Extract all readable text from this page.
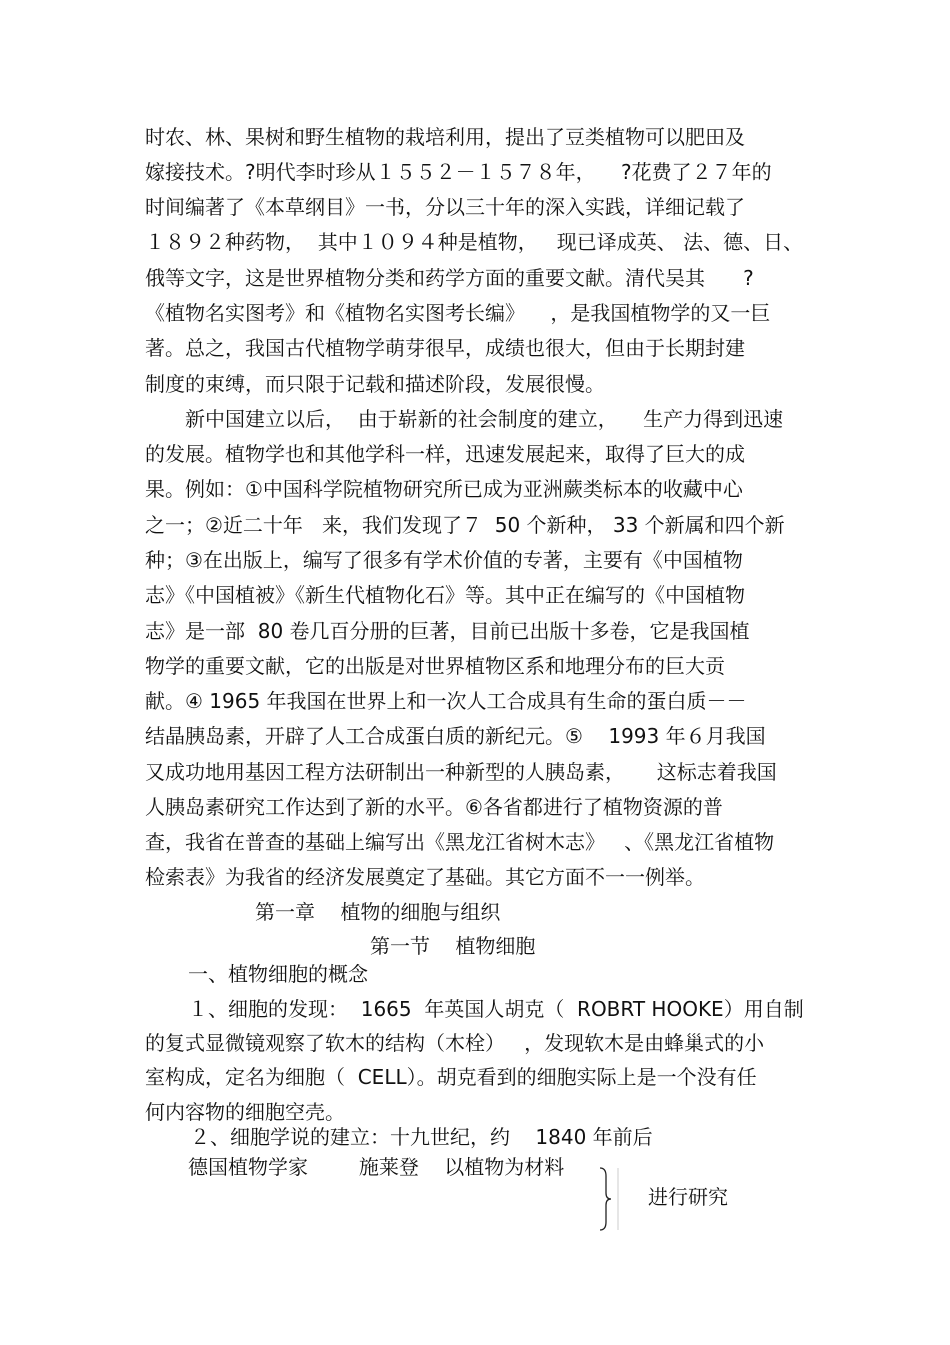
时农、林、果树和野生植物的栽培利用，提出了豆类植物可以肥田及
嫁接技术。?明代李时珍从１５５２－１５７８年，    ?花费了２７年的
时间编著了《本草纲目》一书，分以三十年的深入实践，详细记载了
１８９２种药物，  其中１０９４种是植物，   现已译成英、 法、德、日、
俄等文字，这是世界植物分类和药学方面的重要文献。清代吴其      ?
《植物名实图考》和《植物名实图考长编》    ，是我国植物学的又一巨
著。总之，我国古代植物学萌芽很早，成绩也很大，但由于长期封建
制度的束缚，而只限于记载和描述阶段，发展很慢。
新中国建立以后，  由于崭新的社会制度的建立，    生产力得到迅速
的发展。植物学也和其他学科一样，迅速发展起来，取得了巨大的成
果。例如：①中国科学院植物研究所已成为亚洲蕨类标本的收藏中心
之一；②近二十年   来，我们发现了７  50 个新种， 33 个新属和四个新
种；③在出版上，编写了很多有学术价值的专著，主要有《中国植物
志》《中国植被》《新生代植物化石》等。其中正在编写的《中国植物
志》是一部  80 卷几百分册的巨著，目前已出版十多卷，它是我国植
物学的重要文献，它的出版是对世界植物区系和地理分布的巨大贡
献。④ 1965 年我国在世界上和一次人工合成具有生命的蛋白质－－
结晶胰岛素，开辟了人工合成蛋白质的新纪元。⑤    1993 年６月我国
又成功地用基因工程方法研制出一种新型的人胰岛素，     这标志着我国
人胰岛素研究工作达到了新的水平。⑥各省都进行了植物资源的普
查，我省在普查的基础上编写出《黑龙江省树木志》   、《黑龙江省植物
检索表》为我省的经济发展奠定了基础。其它方面不一一例举。
第一章    植物的细胞与组织
第一节    植物细胞
一、植物细胞的概念
１、细胞的发现：  1665  年英国人胡克（  ROBRT HOOKE）用自制
的复式显微镜观察了软木的结构（木栓）   ，发现软木是由蜂巢式的小
室构成，定名为细胞（  CELL）。胡克看到的细胞实际上是一个没有任
何内容物的细胞空壳。
２、细胞学说的建立：十九世纪，约    1840 年前后
德国植物学家        施莱登    以植物为材料
进行研究
